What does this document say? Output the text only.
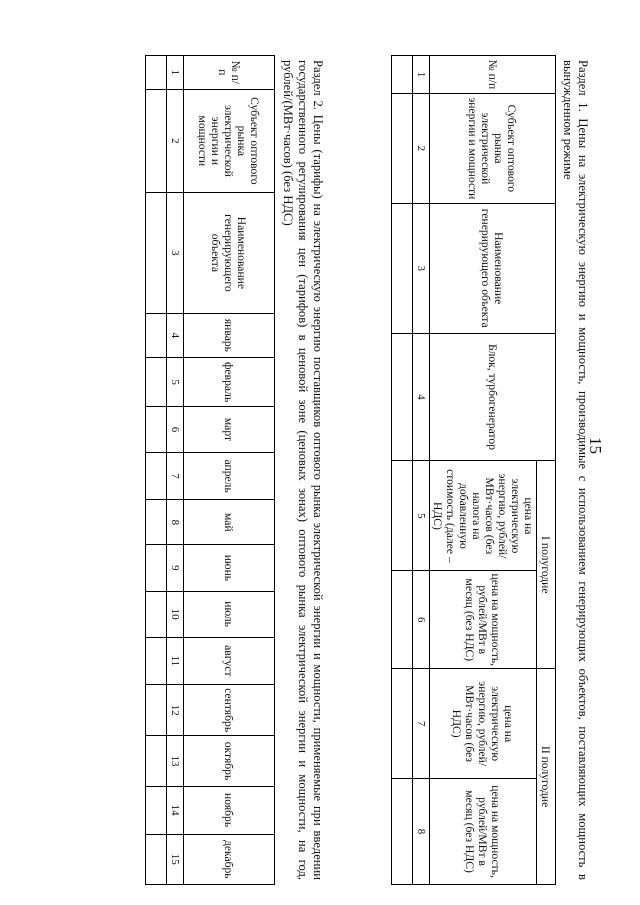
15
Раздел 1. Цены на электрическую энергию и мощность, производимые с использованием генерирующих объектов, поставляющих мощность в вынужденном режиме
№ п/п	Субъект оптового рынка электрической энергии и мощности	Наименование генерирующего объекта	Блок, турбогенератор	I полугодие		II полугодие	
				цена на электрическую энергию, рублей/МВт·часов (без налога на добавленную стоимость (далее – НДС)	цена на мощность, рублей/МВт в месяц (без НДС)	цена на электрическую энергию, рублей/МВт·часов (без НДС)	цена на мощность, рублей/МВт в месяц (без НДС)
1	2	3	4	5	6	7	8

Раздел 2. Цены (тарифы) на электрическую энергию поставщиков оптового рынка электрической энергии и мощности, применяемые при введении государственного регулирования цен (тарифов) в ценовой зоне (ценовых зонах) оптового рынка электрической энергии и мощности, на год, рублей/(МВт·часов) (без НДС)
№ п/п	Субъект оптового рынка электрической энергии и мощности	Наименование генерирующего объекта	январь	февраль	март	апрель	май	июнь	июль	август	сентябрь	октябрь	ноябрь	декабрь
1	2	3	4	5	6	7	8	9	10	11	12	13	14	15
